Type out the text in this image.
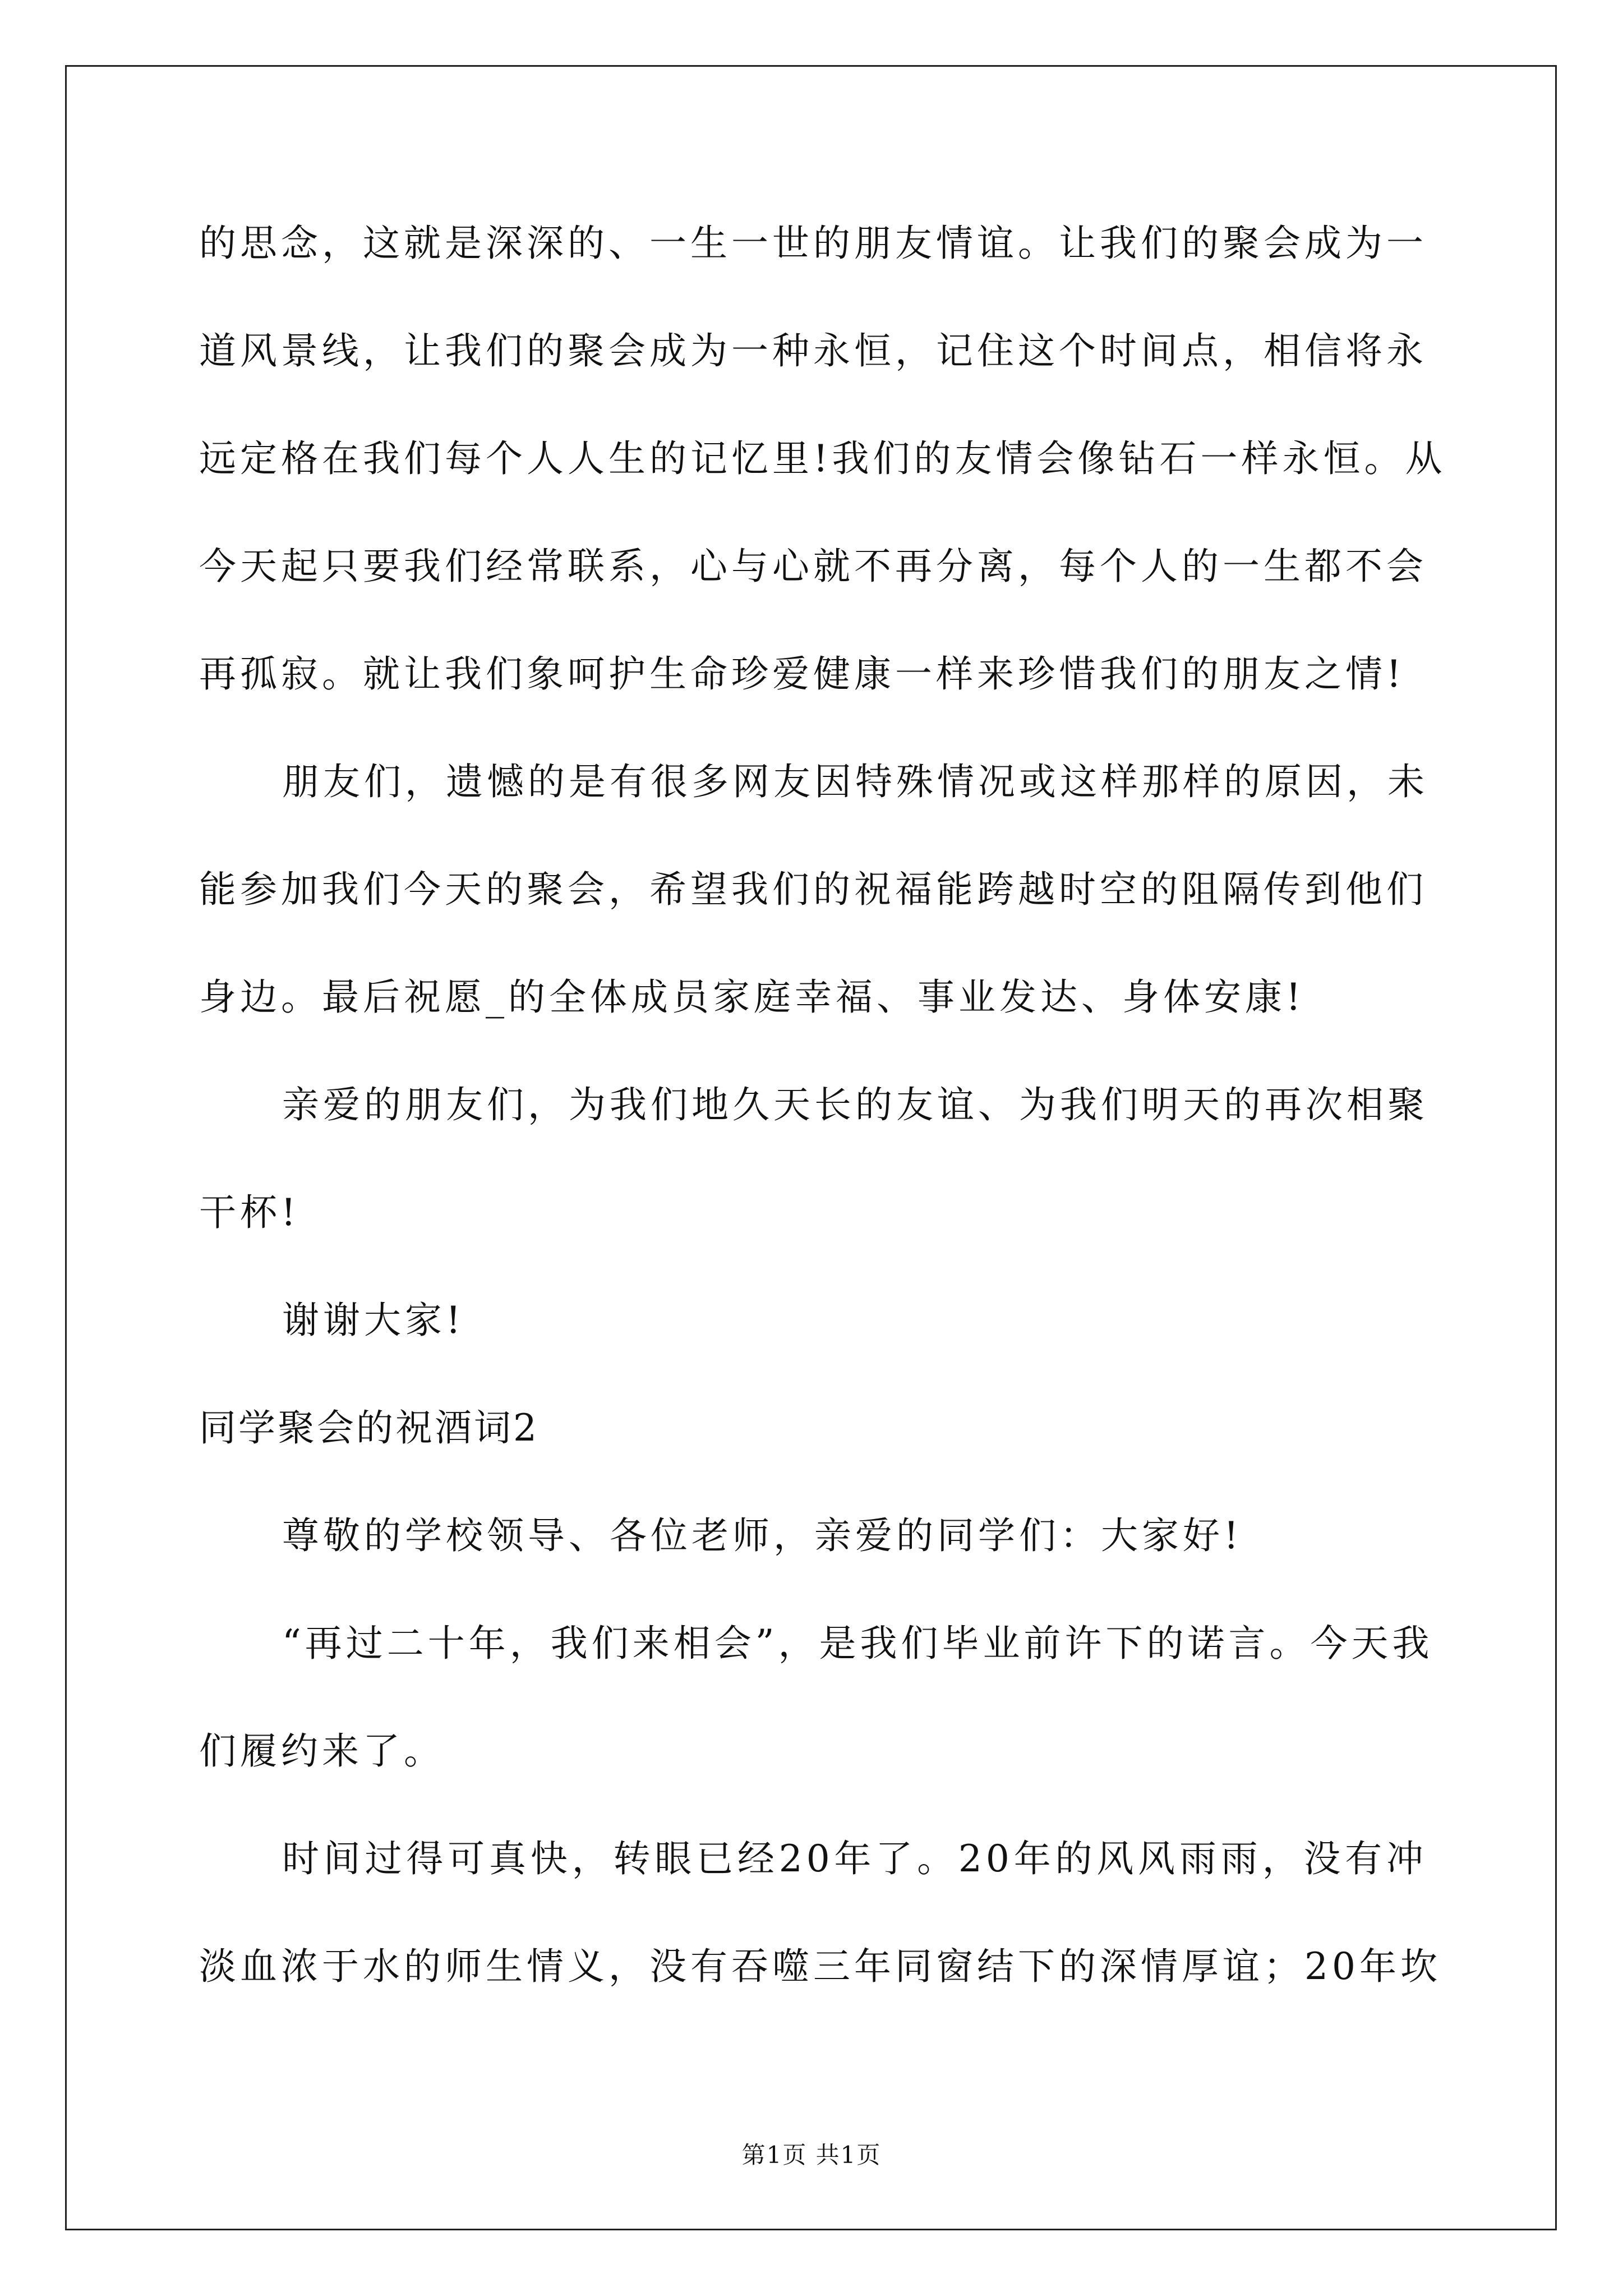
的思念，这就是深深的、一生一世的朋友情谊。让我们的聚会成为一
道风景线，让我们的聚会成为一种永恒，记住这个时间点，相信将永
远定格在我们每个人人生的记忆里!我们的友情会像钻石一样永恒。从
今天起只要我们经常联系，心与心就不再分离，每个人的一生都不会
再孤寂。就让我们象呵护生命珍爱健康一样来珍惜我们的朋友之情!
朋友们，遗憾的是有很多网友因特殊情况或这样那样的原因，未
能参加我们今天的聚会，希望我们的祝福能跨越时空的阻隔传到他们
身边。最后祝愿_的全体成员家庭幸福、事业发达、身体安康!
亲爱的朋友们，为我们地久天长的友谊、为我们明天的再次相聚
干杯!
谢谢大家!
同学聚会的祝酒词2
尊敬的学校领导、各位老师，亲爱的同学们：大家好!
“再过二十年，我们来相会”，是我们毕业前许下的诺言。今天我
们履约来了。
时间过得可真快，转眼已经20年了。20年的风风雨雨，没有冲
淡血浓于水的师生情义，没有吞噬三年同窗结下的深情厚谊；20年坎
第1页 共1页
